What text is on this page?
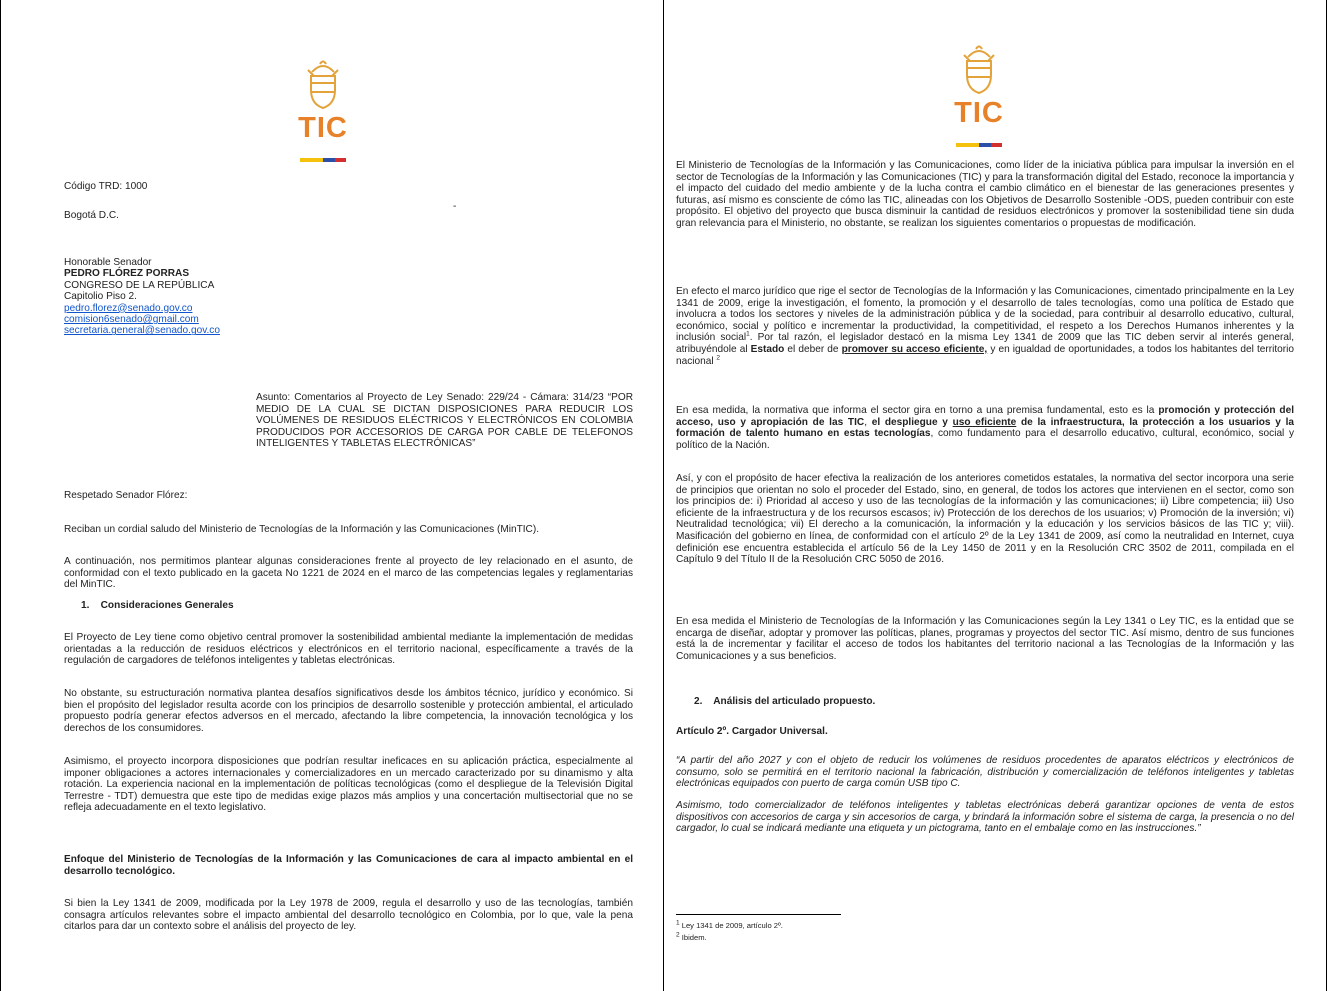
TIC
Código TRD: 1000
Bogotá D.C.
-
Honorable Senador
PEDRO FLÓREZ PORRAS
CONGRESO DE LA REPÚBLICA
Capitolio Piso 2.
pedro.florez@senado.gov.co
comision6senado@gmail.com
secretaria.general@senado.gov.co
Asunto: Comentarios al Proyecto de Ley Senado: 229/24 - Cámara: 314/23 “POR MEDIO DE LA CUAL SE DICTAN DISPOSICIONES PARA REDUCIR LOS VOLÚMENES DE RESIDUOS ELÉCTRICOS Y ELECTRÓNICOS EN COLOMBIA PRODUCIDOS POR ACCESORIOS DE CARGA POR CABLE DE TELEFONOS INTELIGENTES Y TABLETAS ELECTRÓNICAS”
Respetado Senador Flórez:
Reciban un cordial saludo del Ministerio de Tecnologías de la Información y las Comunicaciones (MinTIC).
A continuación, nos permitimos plantear algunas consideraciones frente al proyecto de ley relacionado en el asunto, de conformidad con el texto publicado en la gaceta No 1221 de 2024 en el marco de las competencias legales y reglamentarias del MinTIC.
1.    Consideraciones Generales
El Proyecto de Ley tiene como objetivo central promover la sostenibilidad ambiental mediante la implementación de medidas orientadas a la reducción de residuos eléctricos y electrónicos en el territorio nacional, específicamente a través de la regulación de cargadores de teléfonos inteligentes y tabletas electrónicas.
No obstante, su estructuración normativa plantea desafíos significativos desde los ámbitos técnico, jurídico y económico. Si bien el propósito del legislador resulta acorde con los principios de desarrollo sostenible y protección ambiental, el articulado propuesto podría generar efectos adversos en el mercado, afectando la libre competencia, la innovación tecnológica y los derechos de los consumidores.
Asimismo, el proyecto incorpora disposiciones que podrían resultar ineficaces en su aplicación práctica, especialmente al imponer obligaciones a actores internacionales y comercializadores en un mercado caracterizado por su dinamismo y alta rotación. La experiencia nacional en la implementación de políticas tecnológicas (como el despliegue de la Televisión Digital Terrestre - TDT) demuestra que este tipo de medidas exige plazos más amplios y una concertación multisectorial que no se refleja adecuadamente en el texto legislativo.
Enfoque del Ministerio de Tecnologías de la Información y las Comunicaciones de cara al impacto ambiental en el desarrollo tecnológico.
Si bien la Ley 1341 de 2009, modificada por la Ley 1978 de 2009, regula el desarrollo y uso de las tecnologías, también consagra artículos relevantes sobre el impacto ambiental del desarrollo tecnológico en Colombia, por lo que, vale la pena citarlos para dar un contexto sobre el análisis del proyecto de ley.
TIC
El Ministerio de Tecnologías de la Información y las Comunicaciones, como líder de la iniciativa pública para impulsar la inversión en el sector de Tecnologías de la Información y las Comunicaciones (TIC) y para la transformación digital del Estado, reconoce la importancia y el impacto del cuidado del medio ambiente y de la lucha contra el cambio climático en el bienestar de las generaciones presentes y futuras, así mismo es consciente de cómo las TIC, alineadas con los Objetivos de Desarrollo Sostenible -ODS, pueden contribuir con este propósito. El objetivo del proyecto que busca disminuir la cantidad de residuos electrónicos y promover la sostenibilidad tiene sin duda gran relevancia para el Ministerio, no obstante, se realizan los siguientes comentarios o propuestas de modificación.
En efecto el marco jurídico que rige el sector de Tecnologías de la Información y las Comunicaciones, cimentado principalmente en la Ley 1341 de 2009, erige la investigación, el fomento, la promoción y el desarrollo de tales tecnologías, como una política de Estado que involucra a todos los sectores y niveles de la administración pública y de la sociedad, para contribuir al desarrollo educativo, cultural, económico, social y político e incrementar la productividad, la competitividad, el respeto a los Derechos Humanos inherentes y la inclusión social$^1$. Por tal razón, el legislador destacó en la misma Ley 1341 de 2009 que las TIC deben servir al interés general, atribuyéndole al Estado el deber de promover su acceso eficiente, y en igualdad de oportunidades, a todos los habitantes del territorio nacional $^2$
En esa medida, la normativa que informa el sector gira en torno a una premisa fundamental, esto es la promoción y protección del acceso, uso y apropiación de las TIC, el despliegue y uso eficiente de la infraestructura, la protección a los usuarios y la formación de talento humano en estas tecnologías, como fundamento para el desarrollo educativo, cultural, económico, social y político de la Nación.
Así, y con el propósito de hacer efectiva la realización de los anteriores cometidos estatales, la normativa del sector incorpora una serie de principios que orientan no solo el proceder del Estado, sino, en general, de todos los actores que intervienen en el sector, como son los principios de: i) Prioridad al acceso y uso de las tecnologías de la información y las comunicaciones; ii) Libre competencia; iii) Uso eficiente de la infraestructura y de los recursos escasos; iv) Protección de los derechos de los usuarios; v) Promoción de la inversión; vi) Neutralidad tecnológica; vii) El derecho a la comunicación, la información y la educación y los servicios básicos de las TIC y; viii). Masificación del gobierno en línea, de conformidad con el artículo 2º de la Ley 1341 de 2009, así como la neutralidad en Internet, cuya definición ese encuentra establecida el artículo 56 de la Ley 1450 de 2011 y en la Resolución CRC 3502 de 2011, compilada en el Capítulo 9 del Título II de la Resolución CRC 5050 de 2016.
En esa medida el Ministerio de Tecnologías de la Información y las Comunicaciones según la Ley 1341 o Ley TIC, es la entidad que se encarga de diseñar, adoptar y promover las políticas, planes, programas y proyectos del sector TIC. Así mismo, dentro de sus funciones está la de incrementar y facilitar el acceso de todos los habitantes del territorio nacional a las Tecnologías de la Información y las Comunicaciones y a sus beneficios.
2.    Análisis del articulado propuesto.
Artículo 2º. Cargador Universal.
“A partir del año 2027 y con el objeto de reducir los volúmenes de residuos procedentes de aparatos eléctricos y electrónicos de consumo, solo se permitirá en el territorio nacional la fabricación, distribución y comercialización de teléfonos inteligentes y tabletas electrónicas equipados con puerto de carga común USB tipo C.
Asimismo, todo comercializador de teléfonos inteligentes y tabletas electrónicas deberá garantizar opciones de venta de estos dispositivos con accesorios de carga y sin accesorios de carga, y brindará la información sobre el sistema de carga, la presencia o no del cargador, lo cual se indicará mediante una etiqueta y un pictograma, tanto en el embalaje como en las instrucciones.”
$^1$ Ley 1341 de 2009, artículo 2º.
$^2$ Ibidem.
